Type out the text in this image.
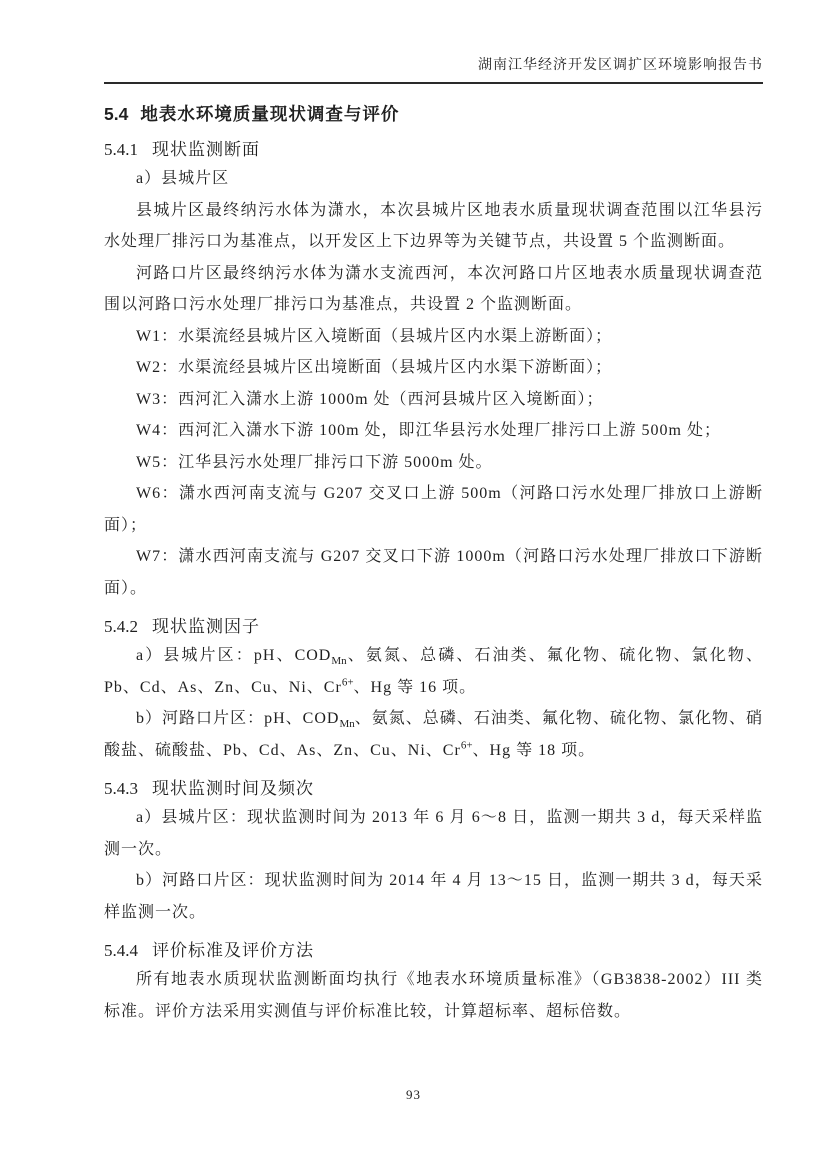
湖南江华经济开发区调扩区环境影响报告书
5.4 地表水环境质量现状调查与评价
5.4.1 现状监测断面

a）县城片区

县城片区最终纳污水体为潇水，本次县城片区地表水质量现状调查范围以江华县污水处理厂排污口为基准点，以开发区上下边界等为关键节点，共设置 5 个监测断面。

河路口片区最终纳污水体为潇水支流西河，本次河路口片区地表水质量现状调查范围以河路口污水处理厂排污口为基准点，共设置 2 个监测断面。

W1：水渠流经县城片区入境断面（县城片区内水渠上游断面）；

W2：水渠流经县城片区出境断面（县城片区内水渠下游断面）；

W3：西河汇入潇水上游 1000m 处（西河县城片区入境断面）；

W4：西河汇入潇水下游 100m 处，即江华县污水处理厂排污口上游 500m 处；

W5：江华县污水处理厂排污口下游 5000m 处。

W6：潇水西河南支流与 G207 交叉口上游 500m（河路口污水处理厂排放口上游断面）；

W7：潇水西河南支流与 G207 交叉口下游 1000m（河路口污水处理厂排放口下游断面）。

5.4.2 现状监测因子

a）县城片区：pH、$COD_{Mn}$、氨氮、总磷、石油类、氟化物、硫化物、氯化物、Pb、Cd、As、Zn、Cu、Ni、$Cr^{6+}$、Hg 等 16 项。

b）河路口片区：pH、$COD_{Mn}$、氨氮、总磷、石油类、氟化物、硫化物、氯化物、硝酸盐、硫酸盐、Pb、Cd、As、Zn、Cu、Ni、$Cr^{6+}$、Hg 等 18 项。

5.4.3 现状监测时间及频次

a）县城片区：现状监测时间为 2013 年 6 月 6～8 日，监测一期共 3 d，每天采样监测一次。

b）河路口片区：现状监测时间为 2014 年 4 月 13～15 日，监测一期共 3 d，每天采样监测一次。

5.4.4 评价标准及评价方法

所有地表水质现状监测断面均执行《地表水环境质量标准》（GB3838-2002）III 类标准。评价方法采用实测值与评价标准比较，计算超标率、超标倍数。

93
